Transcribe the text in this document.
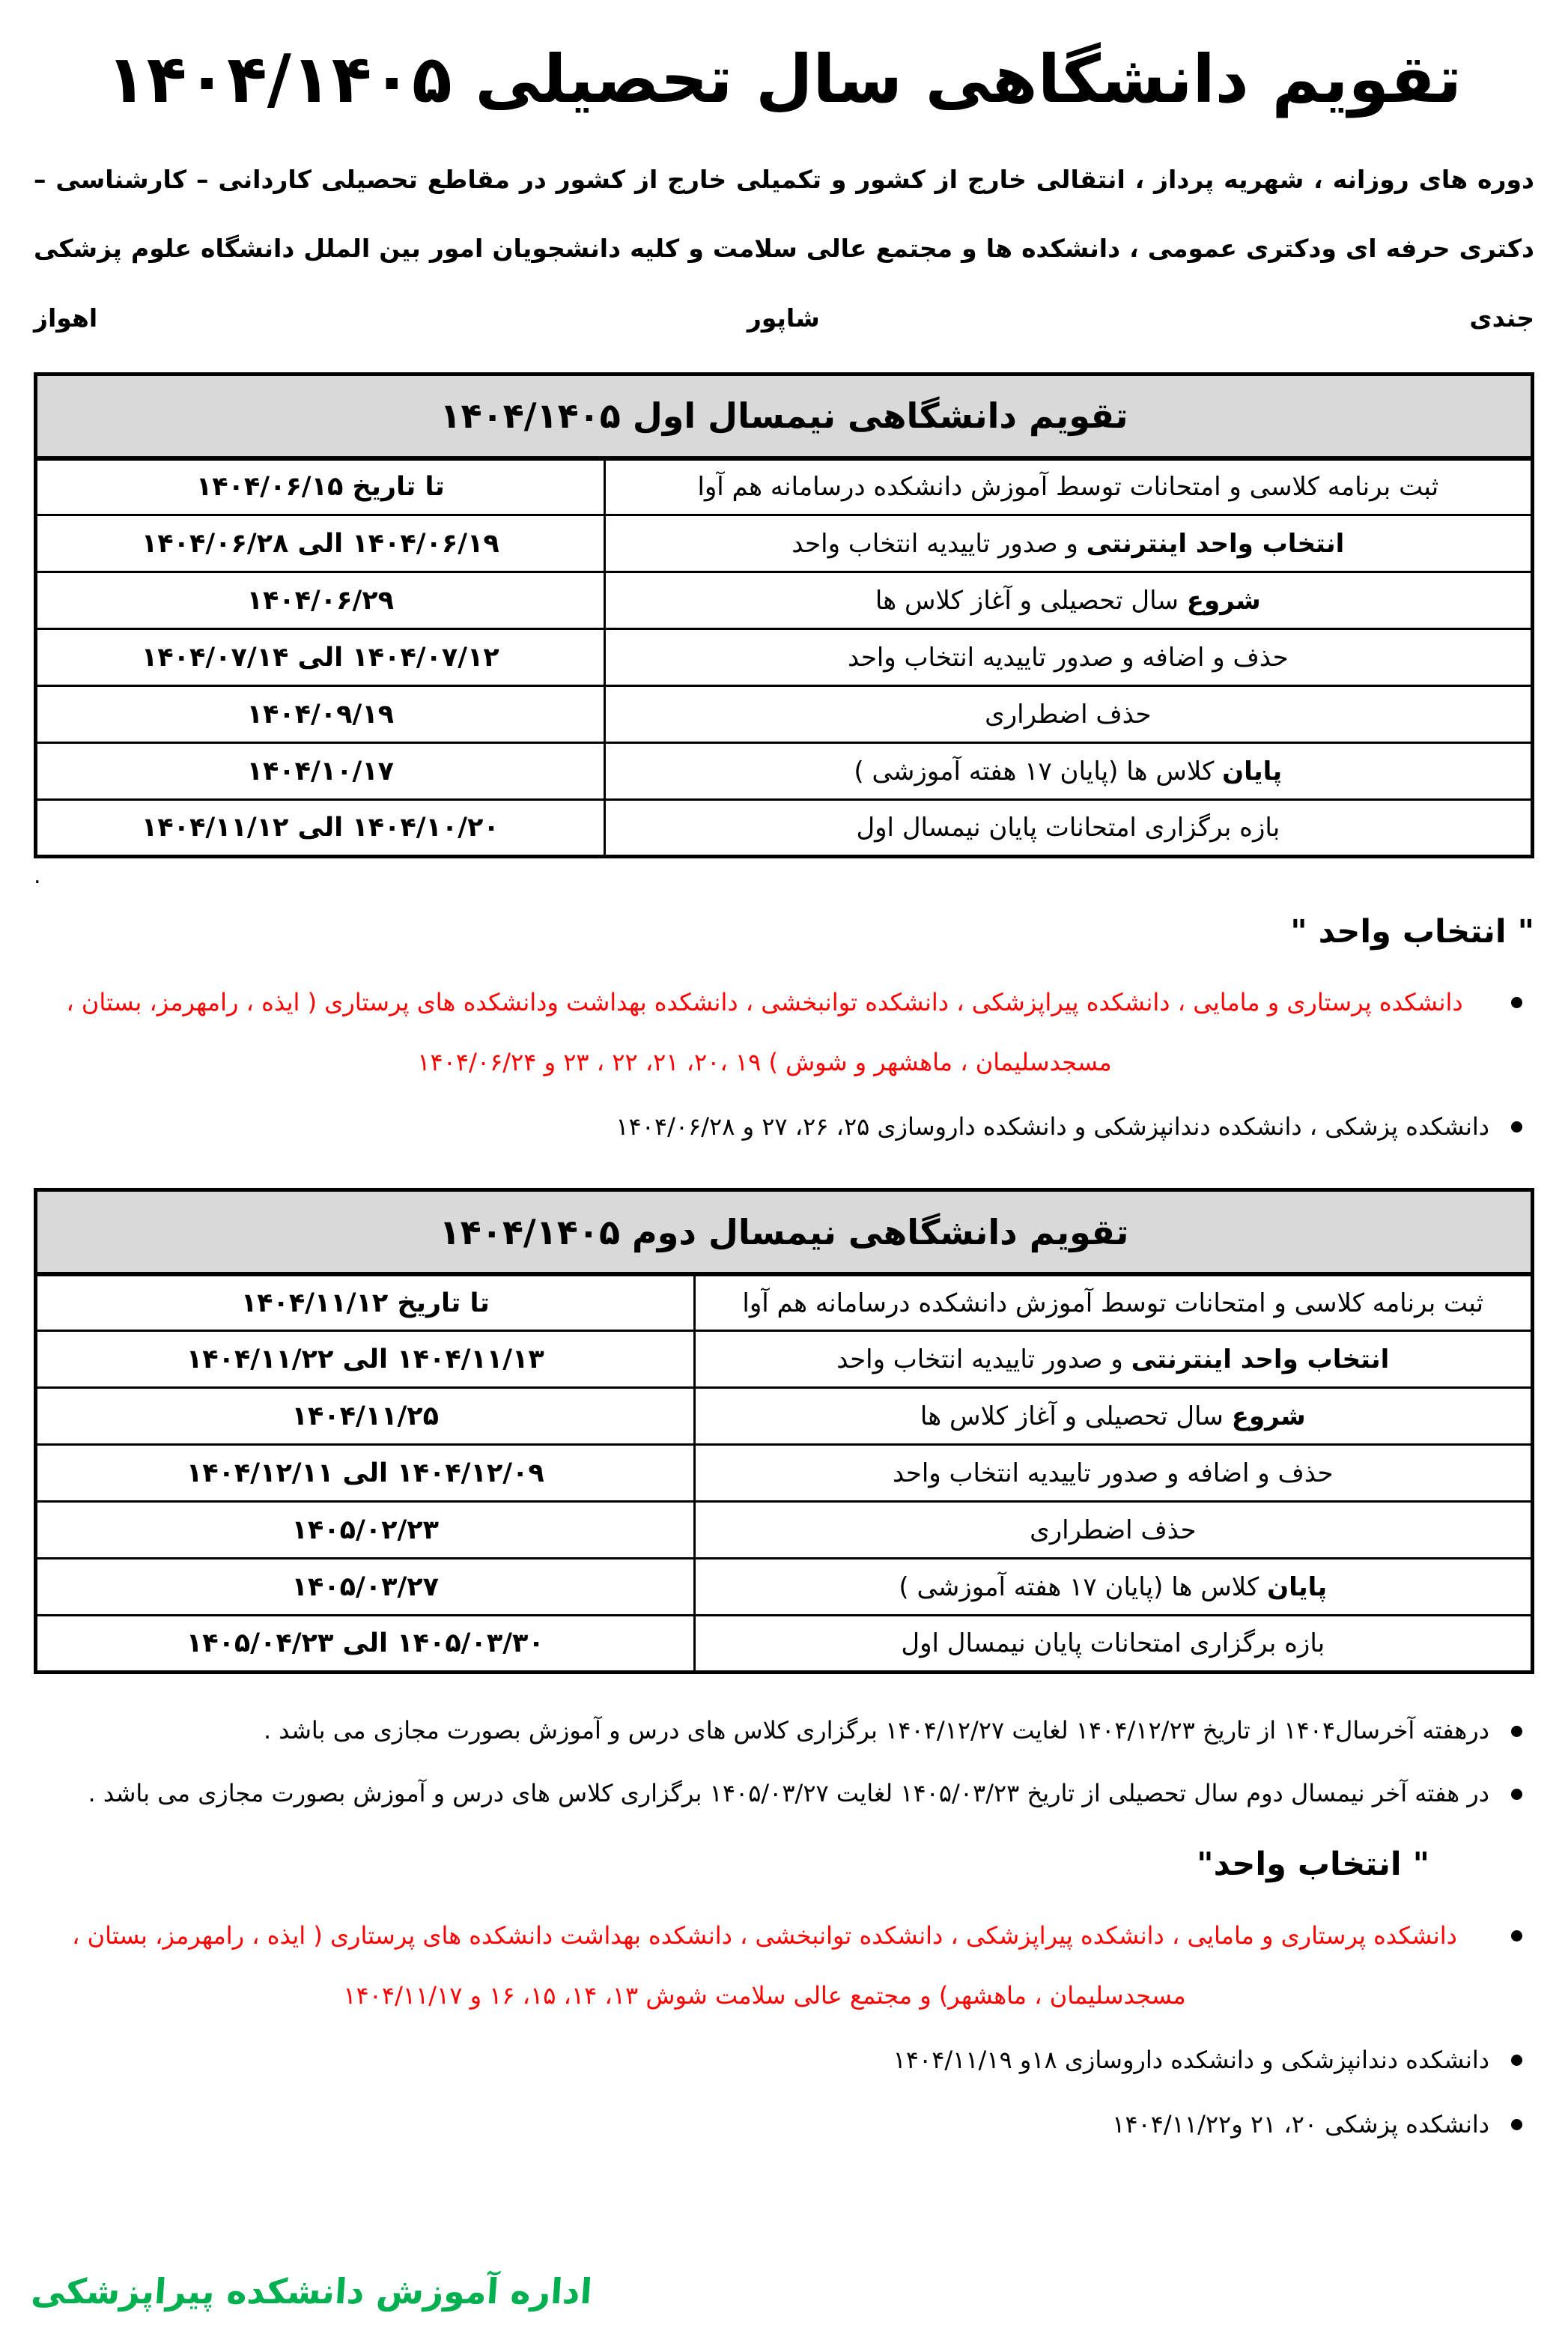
تقویم دانشگاهی سال تحصیلی ۱۴۰۴/۱۴۰۵

دوره های روزانه ، شهریه پرداز ، انتقالی خارج از کشور و تکمیلی خارج از کشور در مقاطع تحصیلی کاردانی – کارشناسی –دکتری حرفه ای ودکتری عمومی ، دانشکده ها و مجتمع عالی سلامت و کلیه دانشجویان امور بین الملل دانشگاه علوم پزشکی جندی شاپور اهواز

تقویم دانشگاهی نیمسال اول ۱۴۰۴/۱۴۰۵	
ثبت برنامه کلاسی و امتحانات توسط آموزش دانشکده درسامانه هم آوا	تا تاریخ ۱۴۰۴/۰۶/۱۵
انتخاب واحد اینترنتی و صدور تاییدیه انتخاب واحد	۱۴۰۴/۰۶/۱۹ الی ۱۴۰۴/۰۶/۲۸
شروع سال تحصیلی و آغاز کلاس ها	۱۴۰۴/۰۶/۲۹
حذف و اضافه و صدور تاییدیه انتخاب واحد	۱۴۰۴/۰۷/۱۲ الی ۱۴۰۴/۰۷/۱۴
حذف اضطراری	۱۴۰۴/۰۹/۱۹
پایان کلاس ها (پایان ۱۷ هفته آموزشی )	۱۴۰۴/۱۰/۱۷
بازه برگزاری امتحانات پایان نیمسال اول	۱۴۰۴/۱۰/۲۰ الی ۱۴۰۴/۱۱/۱۲

.

" انتخاب واحد "
دانشکده پرستاری و مامایی ، دانشکده پیراپزشکی ، دانشکده توانبخشی ، دانشکده بهداشت ودانشکده های پرستاری ( ایذه ، رامهرمز، بستان ، مسجدسلیمان ، ماهشهر و شوش ) ۱۹ ،۲۰، ۲۱، ۲۲ ، ۲۳ و ۱۴۰۴/۰۶/۲۴
دانشکده پزشکی ، دانشکده دندانپزشکی و دانشکده داروسازی ۲۵، ۲۶، ۲۷ و ۱۴۰۴/۰۶/۲۸
تقویم دانشگاهی نیمسال دوم ۱۴۰۴/۱۴۰۵	
ثبت برنامه کلاسی و امتحانات توسط آموزش دانشکده درسامانه هم آوا	تا تاریخ ۱۴۰۴/۱۱/۱۲
انتخاب واحد اینترنتی و صدور تاییدیه انتخاب واحد	۱۴۰۴/۱۱/۱۳ الی ۱۴۰۴/۱۱/۲۲
شروع سال تحصیلی و آغاز کلاس ها	۱۴۰۴/۱۱/۲۵
حذف و اضافه و صدور تاییدیه انتخاب واحد	۱۴۰۴/۱۲/۰۹ الی ۱۴۰۴/۱۲/۱۱
حذف اضطراری	۱۴۰۵/۰۲/۲۳
پایان کلاس ها (پایان ۱۷ هفته آموزشی )	۱۴۰۵/۰۳/۲۷
بازه برگزاری امتحانات پایان نیمسال اول	۱۴۰۵/۰۳/۳۰ الی ۱۴۰۵/۰۴/۲۳
درهفته آخرسال۱۴۰۴ از تاریخ ۱۴۰۴/۱۲/۲۳ لغایت ۱۴۰۴/۱۲/۲۷ برگزاری کلاس های درس و آموزش بصورت مجازی می باشد .
در هفته آخر نیمسال دوم سال تحصیلی از تاریخ ۱۴۰۵/۰۳/۲۳ لغایت ۱۴۰۵/۰۳/۲۷ برگزاری کلاس های درس و آموزش بصورت مجازی می باشد .
" انتخاب واحد"
دانشکده پرستاری و مامایی ، دانشکده پیراپزشکی ، دانشکده توانبخشی ، دانشکده بهداشت دانشکده های پرستاری ( ایذه ، رامهرمز، بستان ، مسجدسلیمان ، ماهشهر) و مجتمع عالی سلامت شوش ۱۳، ۱۴، ۱۵، ۱۶ و ۱۴۰۴/۱۱/۱۷
دانشکده دندانپزشکی و دانشکده داروسازی ۱۸و ۱۴۰۴/۱۱/۱۹
دانشکده پزشکی ۲۰، ۲۱ و۱۴۰۴/۱۱/۲۲
اداره آموزش دانشکده پیراپزشکی
